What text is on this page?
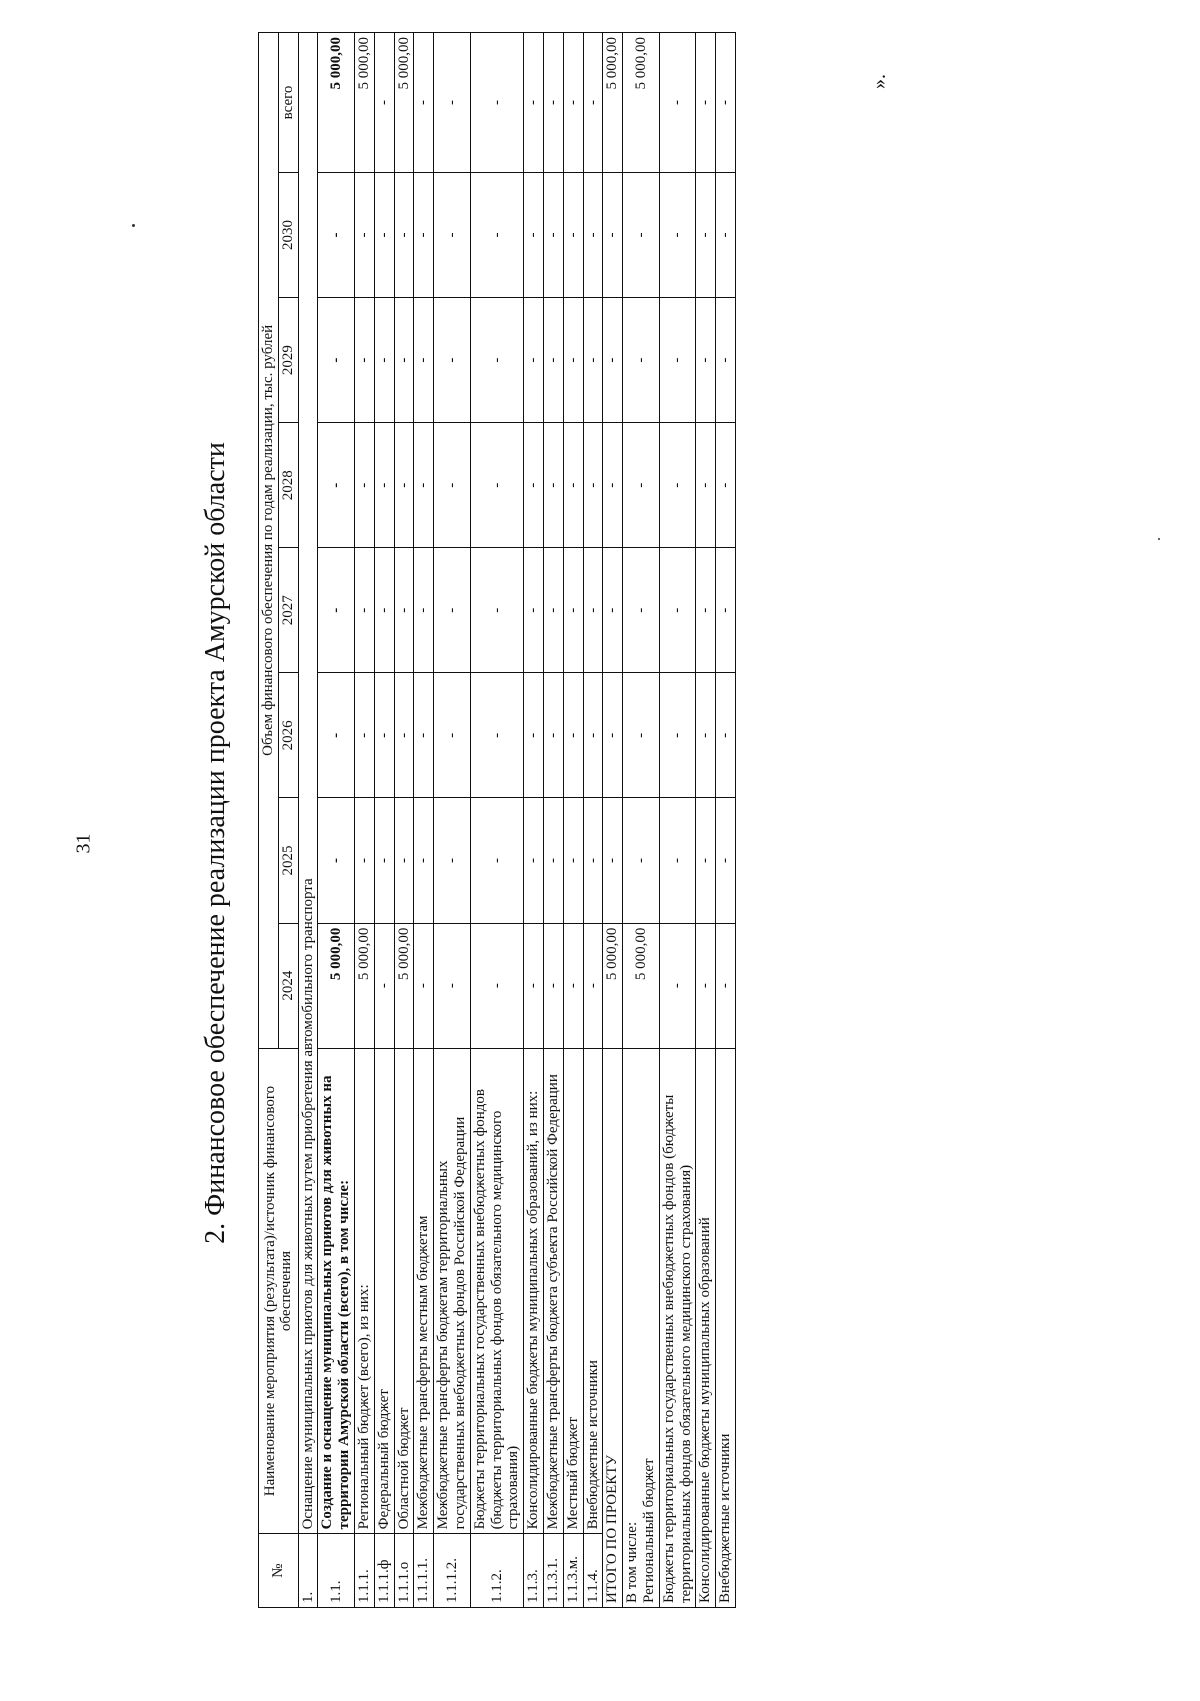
31
».
2. Финансовое обеспечение реализации проекта Амурской области
№	Наименование мероприятия (результата)/источник финансового обеспечения	Объем финансового обеспечения по годам реализации, тыс. рублей							
		2024	2025	2026	2027	2028	2029	2030	всего
1.	Оснащение муниципальных приютов для животных путем приобретения автомобильного транспорта								
1.1.	Создание и оснащение муниципальных приютов для животных на территории Амурской области (всего), в том числе:	5 000,00	-	-	-	-	-	-	5 000,00
1.1.1.	Региональный бюджет (всего), из них:	5 000,00	-	-	-	-	-	-	5 000,00
1.1.1.ф	Федеральный бюджет	-	-	-	-	-	-	-	-
1.1.1.о	Областной бюджет	5 000,00	-	-	-	-	-	-	5 000,00
1.1.1.1.	Межбюджетные трансферты местным бюджетам	-	-	-	-	-	-	-	-
1.1.1.2.	Межбюджетные трансферты бюджетам территориальных государственных внебюджетных фондов Российской Федерации	-	-	-	-	-	-	-	-
1.1.2.	Бюджеты территориальных государственных внебюджетных фондов (бюджеты территориальных фондов обязательного медицинского страхования)	-	-	-	-	-	-	-	-
1.1.3.	Консолидированные бюджеты муниципальных образований, из них:	-	-	-	-	-	-	-	-
1.1.3.1.	Межбюджетные трансферты бюджета субъекта Российской Федерации	-	-	-	-	-	-	-	-
1.1.3.м.	Местный бюджет	-	-	-	-	-	-	-	-
1.1.4.	Внебюджетные источники	-	-	-	-	-	-	-	-
ИТОГО ПО ПРОЕКТУ		5 000,00	-	-	-	-	-	-	5 000,00
В том числе:
Региональный бюджет		5 000,00	-	-	-	-	-	-	5 000,00
Бюджеты территориальных государственных внебюджетных фондов (бюджеты территориальных фондов обязательного медицинского страхования)		-	-	-	-	-	-	-	-
Консолидированные бюджеты муниципальных образований		-	-	-	-	-	-	-	-
Внебюджетные источники		-	-	-	-	-	-	-	-
